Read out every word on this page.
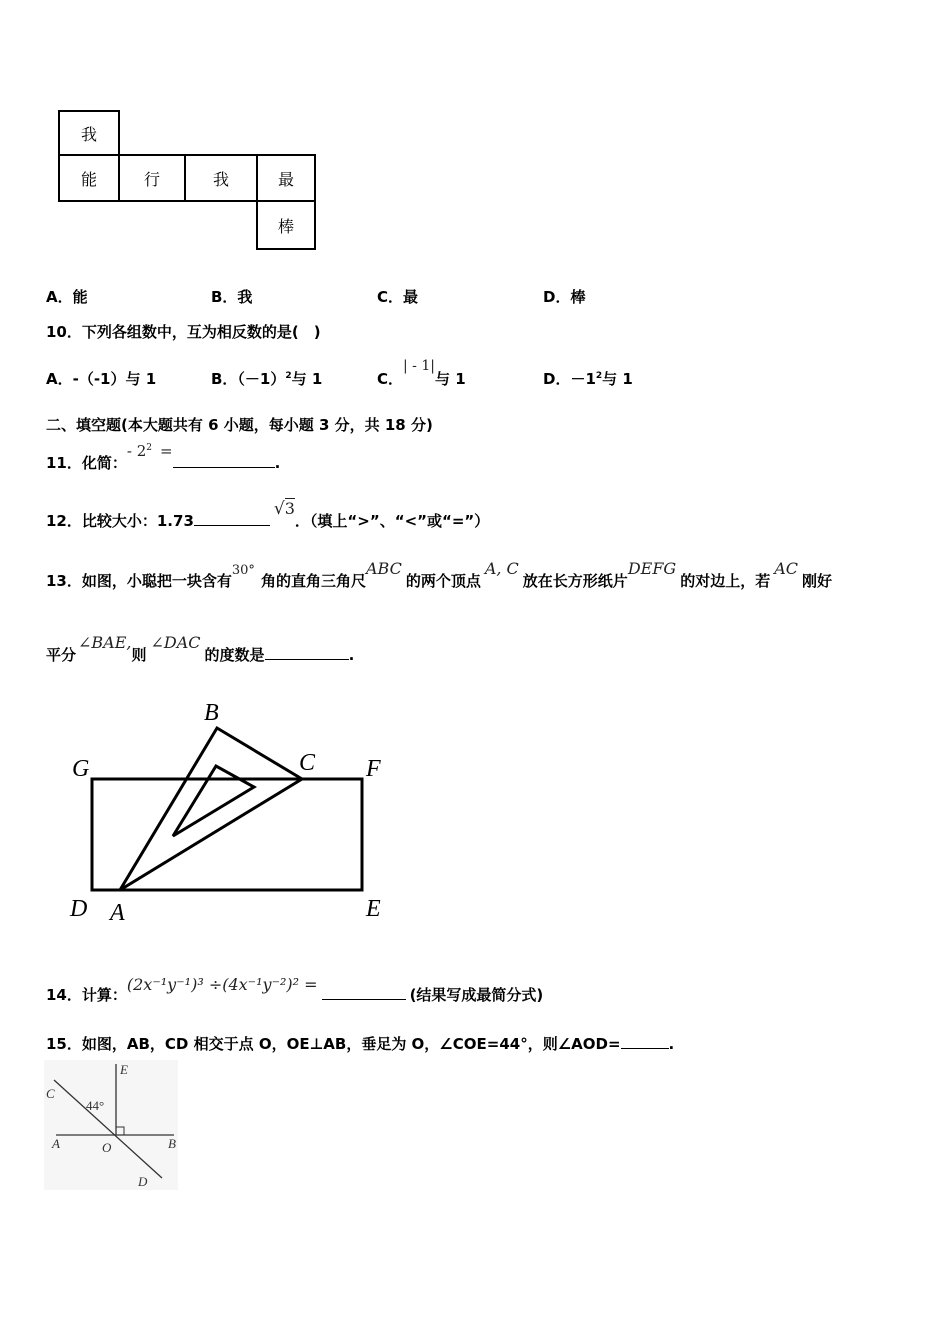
我
能	行	我	最
棒
A．能	B．我	C．最	D．棒
10．下列各组数中，互为相反数的是(　)
A．-（-1）与 1	B．$(-1)^2$与 1	C．| - 1|与 1	D．$-1^2$与 1
二、填空题(本大题共有 6 小题，每小题 3 分，共 18 分)
11．化简：- $2^2$ =.
12．比较大小：1.73√3．（填上“>”、“<”或“=”）
13．如图，小聪把一块含有30°角的直角三角尺ABC的两个顶点A, C放在长方形纸片DEFG的对边上，若AC刚好
平分∠BAE,则∠DAC的度数是	.
B
G	C F
D A	E
14．计算：(2x⁻¹y⁻¹)³ ÷(4x⁻¹y⁻²)² =(结果写成最简分式)
15．如图，AB，CD 相交于点 O，OE⊥AB，垂足为 O，∠COE=44°，则∠AOD=	.
C
E
44°
A	O	B
D
